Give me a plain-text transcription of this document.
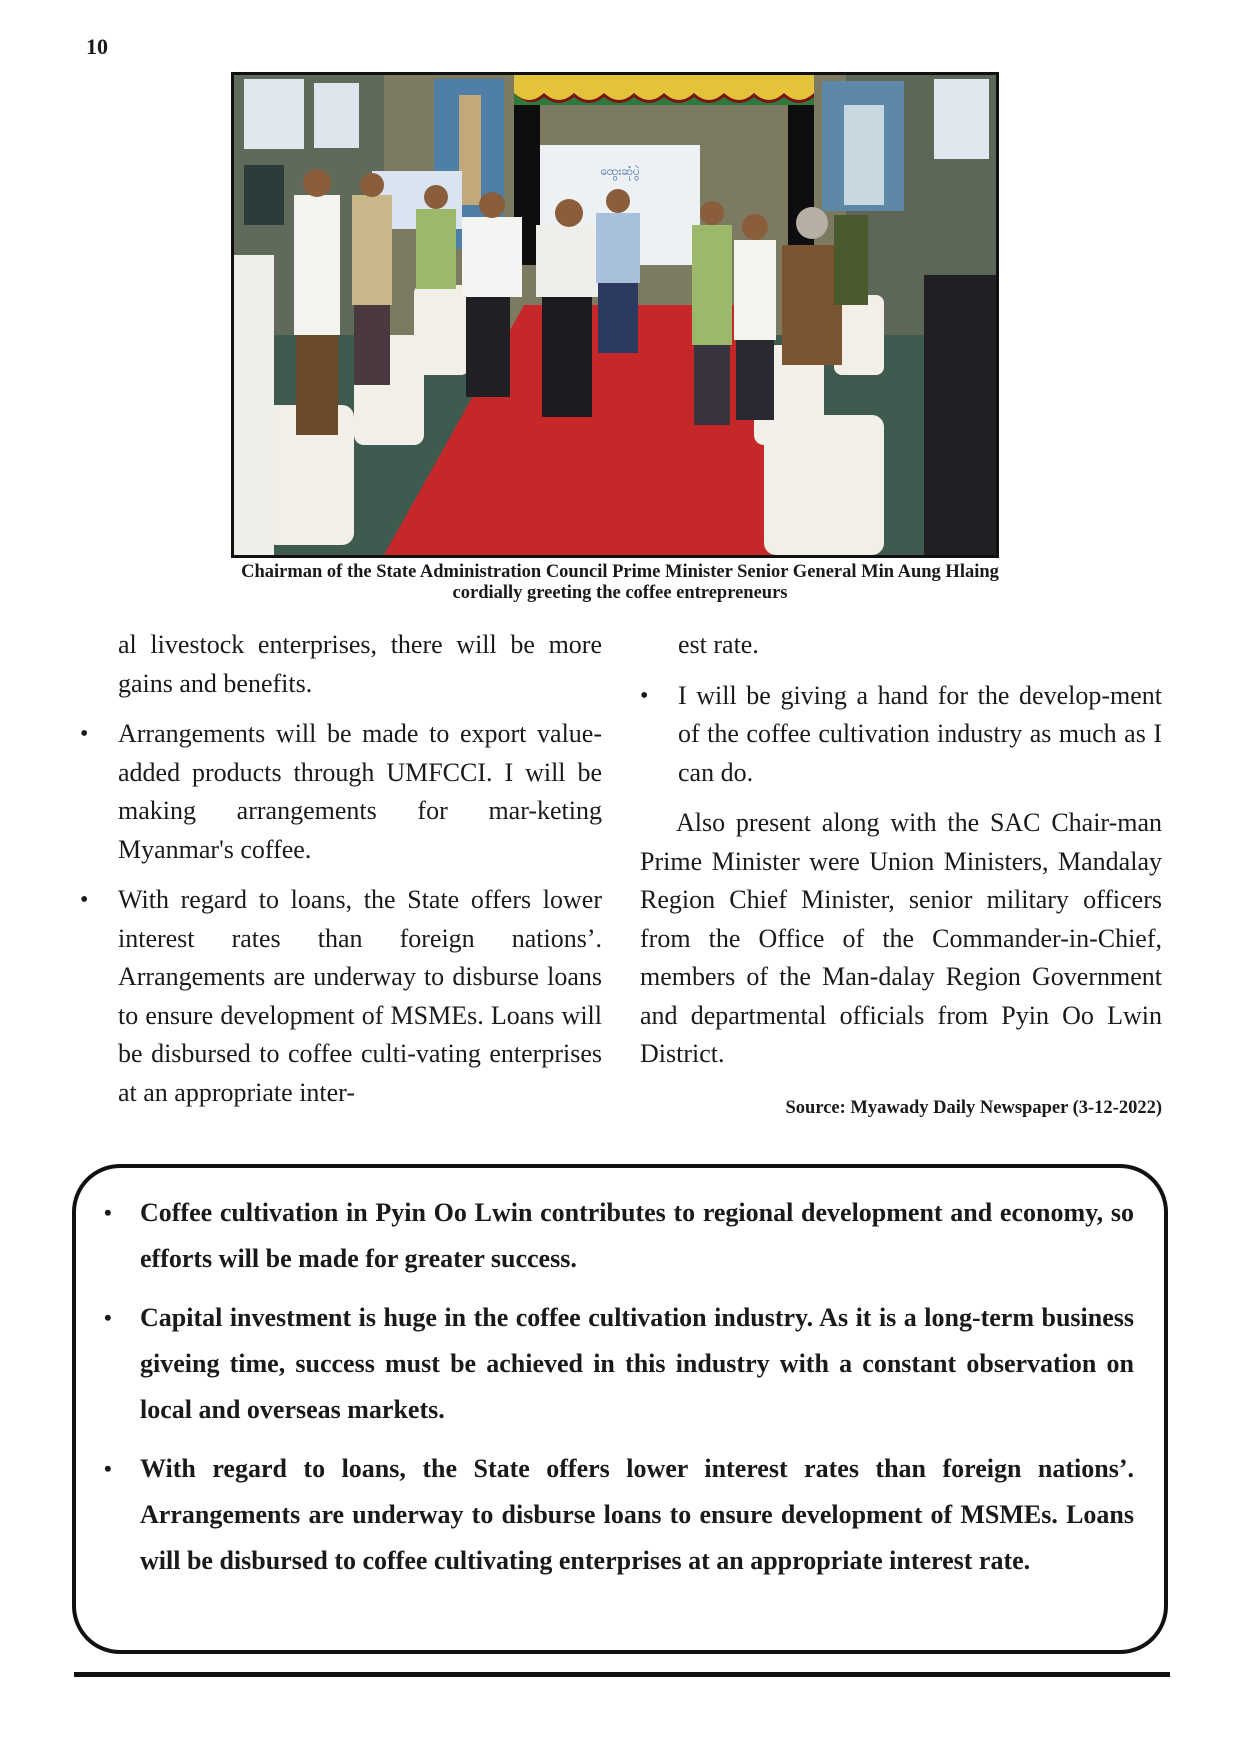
10
ထွေးဆုံပွဲ
Chairman of the State Administration Council Prime Minister Senior General Min Aung Hlaing
cordially greeting the coffee entrepreneurs

al livestock enterprises, there will be more gains and benefits.

• Arrangements will be made to export value-added products through UMFCCI. I will be making arrangements for mar-keting Myanmar's coffee.

• With regard to loans, the State offers lower interest rates than foreign nations’. Arrangements are underway to disburse loans to ensure development of MSMEs. Loans will be disbursed to coffee culti-vating enterprises at an appropriate inter-

est rate.

• I will be giving a hand for the develop-ment of the coffee cultivation industry as much as I can do.

Also present along with the SAC Chair-man Prime Minister were Union Ministers, Mandalay Region Chief Minister, senior military officers from the Office of the Commander-in-Chief, members of the Man-dalay Region Government and departmental officials from Pyin Oo Lwin District.

Source: Myawady Daily Newspaper (3-12-2022)
• Coffee cultivation in Pyin Oo Lwin contributes to regional development and economy, so efforts will be made for greater success.
• Capital investment is huge in the coffee cultivation industry. As it is a long-term business giveing time, success must be achieved in this industry with a constant observation on local and overseas markets.
• With regard to loans, the State offers lower interest rates than foreign nations’. Arrangements are underway to disburse loans to ensure development of MSMEs. Loans will be disbursed to coffee cultivating enterprises at an appropriate interest rate.
